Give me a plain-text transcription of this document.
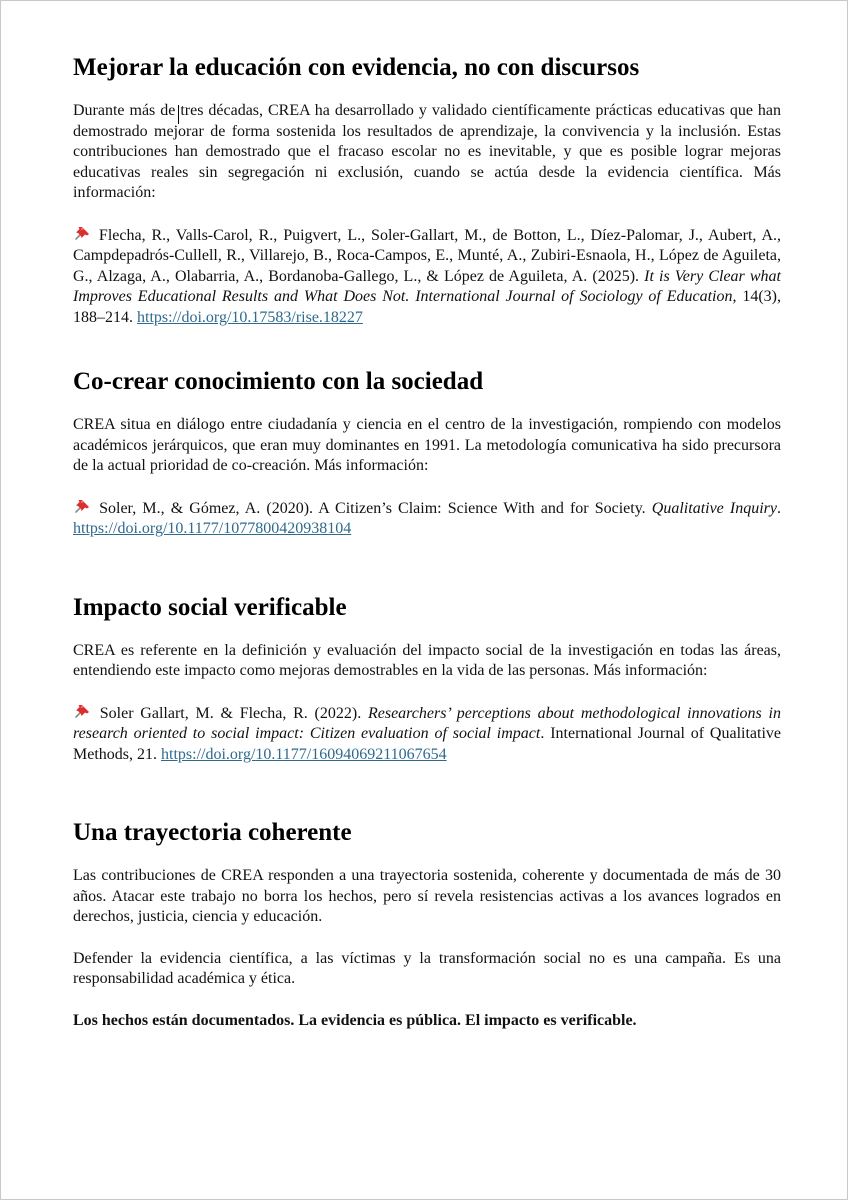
Mejorar la educación con evidencia, no con discursos

Durante más de tres décadas, CREA ha desarrollado y validado científicamente prácticas educativas que han demostrado mejorar de forma sostenida los resultados de aprendizaje, la convivencia y la inclusión. Estas contribuciones han demostrado que el fracaso escolar no es inevitable, y que es posible lograr mejoras educativas reales sin segregación ni exclusión, cuando se actúa desde la evidencia científica. Más información:

Flecha, R., Valls-Carol, R., Puigvert, L., Soler-Gallart, M., de Botton, L., Díez-Palomar, J., Aubert, A., Campdepadrós-Cullell, R., Villarejo, B., Roca-Campos, E., Munté, A., Zubiri-Esnaola, H., López de Aguileta, G., Alzaga, A., Olabarria, A., Bordanoba-Gallego, L., & López de Aguileta, A. (2025). It is Very Clear what Improves Educational Results and What Does Not. International Journal of Sociology of Education, 14(3), 188–214. https://doi.org/10.17583/rise.18227

Co-crear conocimiento con la sociedad

CREA situa en diálogo entre ciudadanía y ciencia en el centro de la investigación, rompiendo con modelos académicos jerárquicos, que eran muy dominantes en 1991. La metodología comunicativa ha sido precursora de la actual prioridad de co-creación. Más información:

Soler, M., & Gómez, A. (2020). A Citizen’s Claim: Science With and for Society. Qualitative Inquiry. https://doi.org/10.1177/1077800420938104

Impacto social verificable

CREA es referente en la definición y evaluación del impacto social de la investigación en todas las áreas, entendiendo este impacto como mejoras demostrables en la vida de las personas. Más información:

Soler Gallart, M. & Flecha, R. (2022). Researchers’ perceptions about methodological innovations in research oriented to social impact: Citizen evaluation of social impact. International Journal of Qualitative Methods, 21. https://doi.org/10.1177/16094069211067654

Una trayectoria coherente

Las contribuciones de CREA responden a una trayectoria sostenida, coherente y documentada de más de 30 años. Atacar este trabajo no borra los hechos, pero sí revela resistencias activas a los avances logrados en derechos, justicia, ciencia y educación.

Defender la evidencia científica, a las víctimas y la transformación social no es una campaña. Es una responsabilidad académica y ética.

Los hechos están documentados. La evidencia es pública. El impacto es verificable.
